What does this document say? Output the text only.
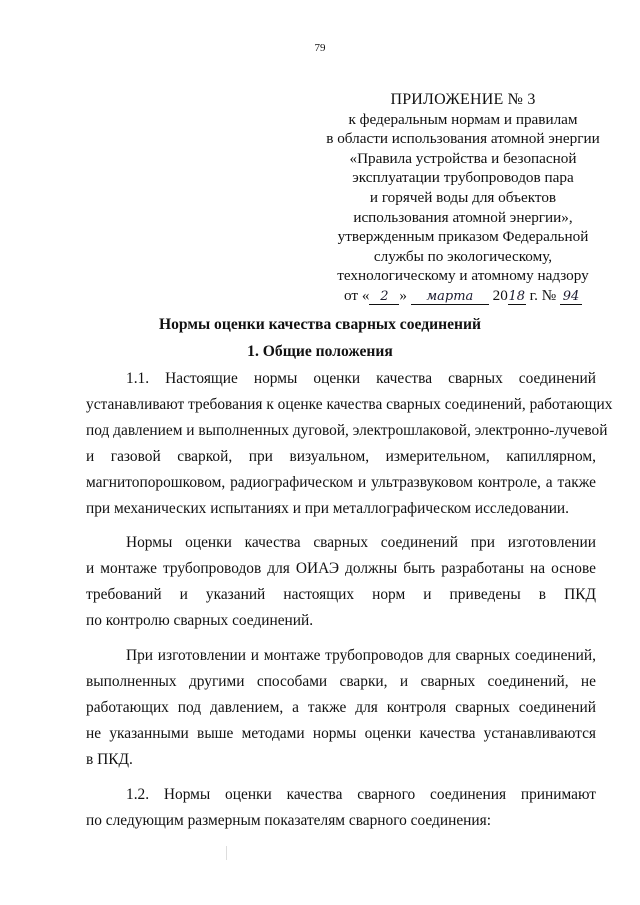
79
ПРИЛОЖЕНИЕ № 3
к федеральным нормам и правилам
в области использования атомной энергии
«Правила устройства и безопасной
эксплуатации трубопроводов пара
и горячей воды для объектов
использования атомной энергии»,
утвержденным приказом Федеральной
службы по экологическому,
технологическому и атомному надзору
от « 2 » марта 2018 г. № 94
Нормы оценки качества сварных соединений
1. Общие положения
1.1. Настоящие нормы оценки качества сварных соединений
устанавливают требования к оценке качества сварных соединений, работающих
под давлением и выполненных дуговой, электрошлаковой, электронно-лучевой
и газовой сваркой, при визуальном, измерительном, капиллярном,
магнитопорошковом, радиографическом и ультразвуковом контроле, а также
при механических испытаниях и при металлографическом исследовании.
Нормы оценки качества сварных соединений при изготовлении
и монтаже трубопроводов для ОИАЭ должны быть разработаны на основе
требований и указаний настоящих норм и приведены в ПКД
по контролю сварных соединений.
При изготовлении и монтаже трубопроводов для сварных соединений,
выполненных другими способами сварки, и сварных соединений, не
работающих под давлением, а также для контроля сварных соединений
не указанными выше методами нормы оценки качества устанавливаются
в ПКД.
1.2. Нормы оценки качества сварного соединения принимают
по следующим размерным показателям сварного соединения:
